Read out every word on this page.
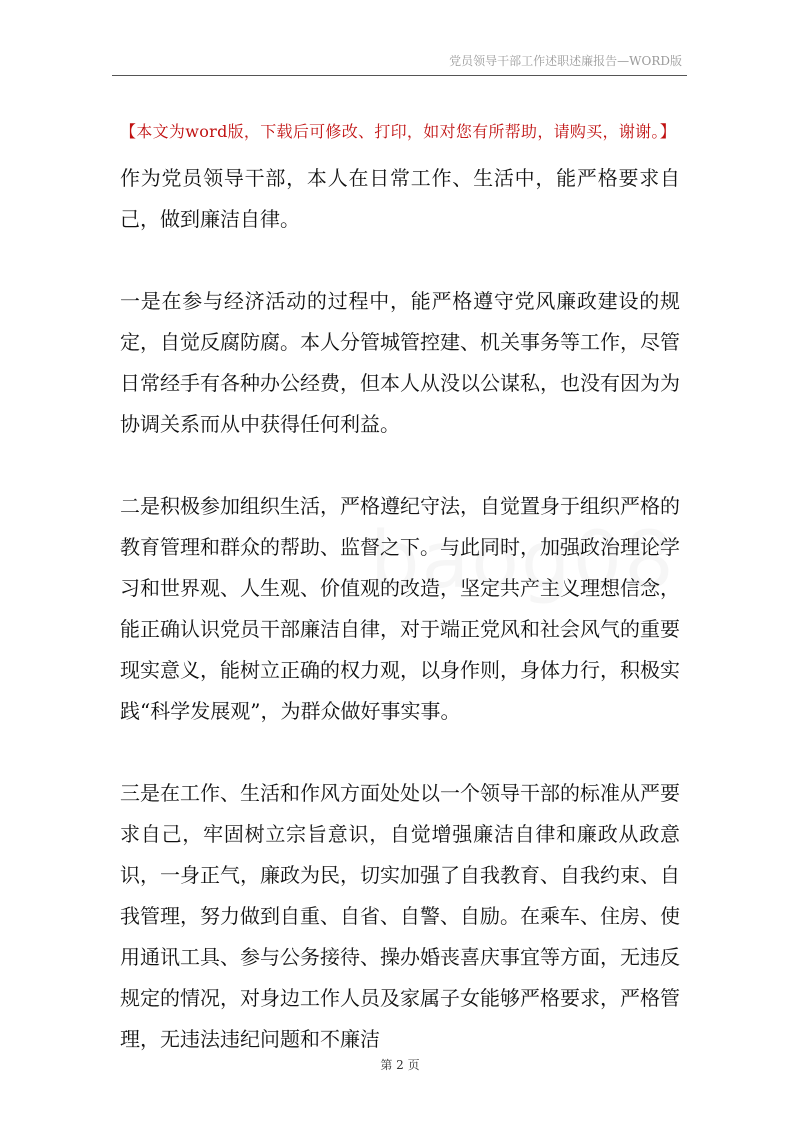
党员领导干部工作述职述廉报告—WORD版
【本文为word版，下载后可修改、打印，如对您有所帮助，请购买，谢谢。】

作为党员领导干部，本人在日常工作、生活中，能严格要求自己，做到廉洁自律。

一是在参与经济活动的过程中，能严格遵守党风廉政建设的规定，自觉反腐防腐。本人分管城管控建、机关事务等工作，尽管日常经手有各种办公经费，但本人从没以公谋私，也没有因为为协调关系而从中获得任何利益。

二是积极参加组织生活，严格遵纪守法，自觉置身于组织严格的教育管理和群众的帮助、监督之下。与此同时，加强政治理论学习和世界观、人生观、价值观的改造，坚定共产主义理想信念，能正确认识党员干部廉洁自律，对于端正党风和社会风气的重要现实意义，能树立正确的权力观，以身作则，身体力行，积极实践“科学发展观”，为群众做好事实事。

三是在工作、生活和作风方面处处以一个领导干部的标准从严要求自己，牢固树立宗旨意识，自觉增强廉洁自律和廉政从政意识，一身正气，廉政为民，切实加强了自我教育、自我约束、自我管理，努力做到自重、自省、自警、自励。在乘车、住房、使用通讯工具、参与公务接待、操办婚丧喜庆事宜等方面，无违反规定的情况，对身边工作人员及家属子女能够严格要求，严格管理，无违法违纪问题和不廉洁

第 2 页
